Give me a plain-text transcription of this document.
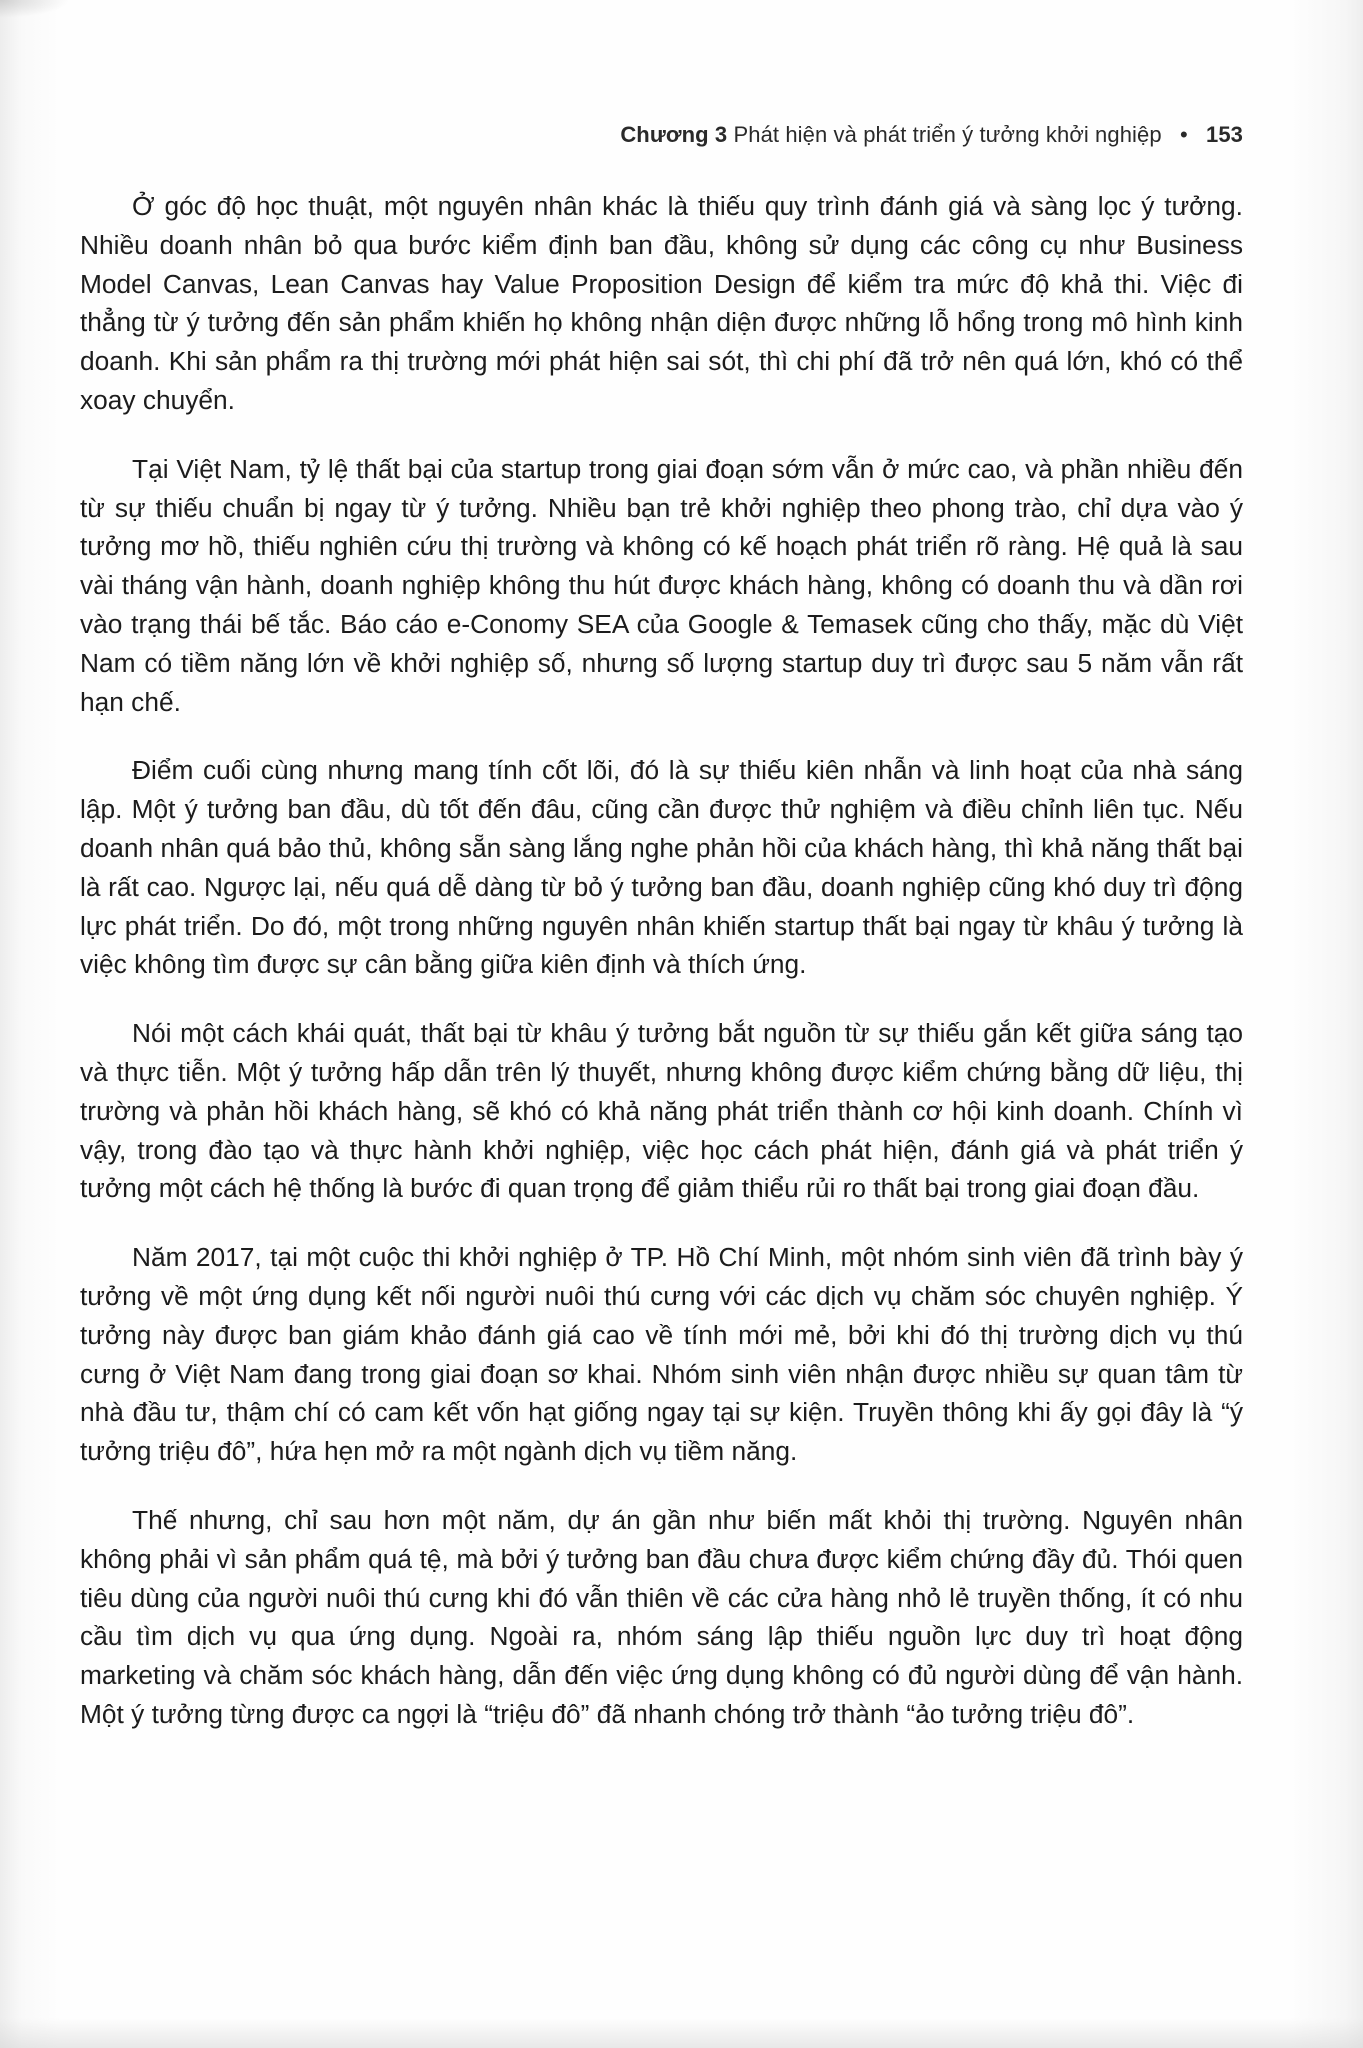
Chương 3 Phát hiện và phát triển ý tưởng khởi nghiệp • 153

Ở góc độ học thuật, một nguyên nhân khác là thiếu quy trình đánh giá và sàng lọc ý tưởng. Nhiều doanh nhân bỏ qua bước kiểm định ban đầu, không sử dụng các công cụ như Business Model Canvas, Lean Canvas hay Value Proposition Design để kiểm tra mức độ khả thi. Việc đi thẳng từ ý tưởng đến sản phẩm khiến họ không nhận diện được những lỗ hổng trong mô hình kinh doanh. Khi sản phẩm ra thị trường mới phát hiện sai sót, thì chi phí đã trở nên quá lớn, khó có thể xoay chuyển.

Tại Việt Nam, tỷ lệ thất bại của startup trong giai đoạn sớm vẫn ở mức cao, và phần nhiều đến từ sự thiếu chuẩn bị ngay từ ý tưởng. Nhiều bạn trẻ khởi nghiệp theo phong trào, chỉ dựa vào ý tưởng mơ hồ, thiếu nghiên cứu thị trường và không có kế hoạch phát triển rõ ràng. Hệ quả là sau vài tháng vận hành, doanh nghiệp không thu hút được khách hàng, không có doanh thu và dần rơi vào trạng thái bế tắc. Báo cáo e-Conomy SEA của Google & Temasek cũng cho thấy, mặc dù Việt Nam có tiềm năng lớn về khởi nghiệp số, nhưng số lượng startup duy trì được sau 5 năm vẫn rất hạn chế.

Điểm cuối cùng nhưng mang tính cốt lõi, đó là sự thiếu kiên nhẫn và linh hoạt của nhà sáng lập. Một ý tưởng ban đầu, dù tốt đến đâu, cũng cần được thử nghiệm và điều chỉnh liên tục. Nếu doanh nhân quá bảo thủ, không sẵn sàng lắng nghe phản hồi của khách hàng, thì khả năng thất bại là rất cao. Ngược lại, nếu quá dễ dàng từ bỏ ý tưởng ban đầu, doanh nghiệp cũng khó duy trì động lực phát triển. Do đó, một trong những nguyên nhân khiến startup thất bại ngay từ khâu ý tưởng là việc không tìm được sự cân bằng giữa kiên định và thích ứng.

Nói một cách khái quát, thất bại từ khâu ý tưởng bắt nguồn từ sự thiếu gắn kết giữa sáng tạo và thực tiễn. Một ý tưởng hấp dẫn trên lý thuyết, nhưng không được kiểm chứng bằng dữ liệu, thị trường và phản hồi khách hàng, sẽ khó có khả năng phát triển thành cơ hội kinh doanh. Chính vì vậy, trong đào tạo và thực hành khởi nghiệp, việc học cách phát hiện, đánh giá và phát triển ý tưởng một cách hệ thống là bước đi quan trọng để giảm thiểu rủi ro thất bại trong giai đoạn đầu.

Năm 2017, tại một cuộc thi khởi nghiệp ở TP. Hồ Chí Minh, một nhóm sinh viên đã trình bày ý tưởng về một ứng dụng kết nối người nuôi thú cưng với các dịch vụ chăm sóc chuyên nghiệp. Ý tưởng này được ban giám khảo đánh giá cao về tính mới mẻ, bởi khi đó thị trường dịch vụ thú cưng ở Việt Nam đang trong giai đoạn sơ khai. Nhóm sinh viên nhận được nhiều sự quan tâm từ nhà đầu tư, thậm chí có cam kết vốn hạt giống ngay tại sự kiện. Truyền thông khi ấy gọi đây là “ý tưởng triệu đô”, hứa hẹn mở ra một ngành dịch vụ tiềm năng.

Thế nhưng, chỉ sau hơn một năm, dự án gần như biến mất khỏi thị trường. Nguyên nhân không phải vì sản phẩm quá tệ, mà bởi ý tưởng ban đầu chưa được kiểm chứng đầy đủ. Thói quen tiêu dùng của người nuôi thú cưng khi đó vẫn thiên về các cửa hàng nhỏ lẻ truyền thống, ít có nhu cầu tìm dịch vụ qua ứng dụng. Ngoài ra, nhóm sáng lập thiếu nguồn lực duy trì hoạt động marketing và chăm sóc khách hàng, dẫn đến việc ứng dụng không có đủ người dùng để vận hành. Một ý tưởng từng được ca ngợi là “triệu đô” đã nhanh chóng trở thành “ảo tưởng triệu đô”.
